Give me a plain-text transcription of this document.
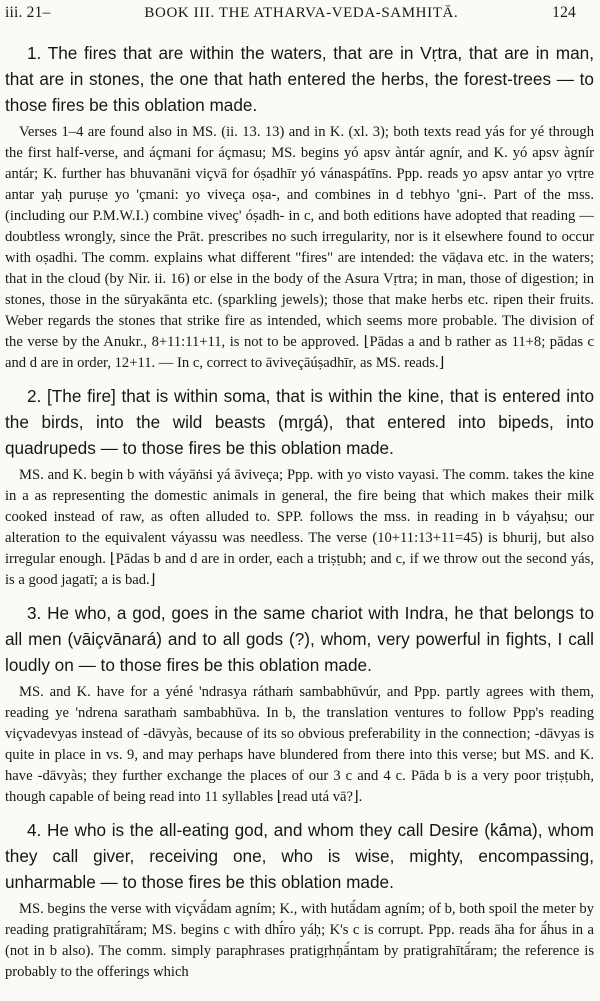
iii. 21–	BOOK III. THE ATHARVA-VEDA-SAMHITĀ.	124

1. The fires that are within the waters, that are in Vṛtra, that are in man, that are in stones, the one that hath entered the herbs, the forest-trees — to those fires be this oblation made.

Verses 1–4 are found also in MS. (ii. 13. 13) and in K. (xl. 3); both texts read yás for yé through the first half-verse, and áçmani for áçmasu; MS. begins yó apsv àntár agnír, and K. yó apsv àgnír antár; K. further has bhuvanāni viçvā for óṣadhīr yó vánaspátīns. Ppp. reads yo apsv antar yo vṛtre antar yaḥ puruṣe yo 'çmani: yo viveça oṣa-, and combines in d tebhyo 'gni-. Part of the mss. (including our P.M.W.I.) combine viveç' óṣadh- in c, and both editions have adopted that reading — doubtless wrongly, since the Prāt. prescribes no such irregularity, nor is it elsewhere found to occur with oṣadhi. The comm. explains what different "fires" are intended: the vāḍava etc. in the waters; that in the cloud (by Nir. ii. 16) or else in the body of the Asura Vṛtra; in man, those of digestion; in stones, those in the sūryakānta etc. (sparkling jewels); those that make herbs etc. ripen their fruits. Weber regards the stones that strike fire as intended, which seems more probable. The division of the verse by the Anukr., 8+11:11+11, is not to be approved. ⌊Pādas a and b rather as 11+8; pādas c and d are in order, 12+11. — In c, correct to āviveçāúṣadhīr, as MS. reads.⌋

2. [The fire] that is within soma, that is within the kine, that is entered into the birds, into the wild beasts (mṛgá), that entered into bipeds, into quadrupeds — to those fires be this oblation made.

MS. and K. begin b with váyāṅsi yá āviveça; Ppp. with yo visto vayasi. The comm. takes the kine in a as representing the domestic animals in general, the fire being that which makes their milk cooked instead of raw, as often alluded to. SPP. follows the mss. in reading in b váyaḥsu; our alteration to the equivalent váyassu was needless. The verse (10+11:13+11=45) is bhurij, but also irregular enough. ⌊Pādas b and d are in order, each a triṣṭubh; and c, if we throw out the second yás, is a good jagatī; a is bad.⌋

3. He who, a god, goes in the same chariot with Indra, he that belongs to all men (vāiçvānará) and to all gods (?), whom, very powerful in fights, I call loudly on — to those fires be this oblation made.

MS. and K. have for a yéné 'ndrasya ráthaṁ sambabhūvúr, and Ppp. partly agrees with them, reading ye 'ndrena sarathaṁ sambabhūva. In b, the translation ventures to follow Ppp's reading viçvadevyas instead of -dāvyàs, because of its so obvious preferability in the connection; -dāvyas is quite in place in vs. 9, and may perhaps have blundered from there into this verse; but MS. and K. have -dāvyàs; they further exchange the places of our 3 c and 4 c. Pāda b is a very poor triṣṭubh, though capable of being read into 11 syllables ⌊read utá vā?⌋.

4. He who is the all-eating god, and whom they call Desire (kā́ma), whom they call giver, receiving one, who is wise, mighty, encompassing, unharmable — to those fires be this oblation made.

MS. begins the verse with viçvā́dam agním; K., with hutā́dam agním; of b, both spoil the meter by reading pratigrahītā́ram; MS. begins c with dhī́ro yáḥ; K's c is corrupt. Ppp. reads āha for ā́hus in a (not in b also). The comm. simply paraphrases pratigṛhṇā́ntam by pratigrahītā́ram; the reference is probably to the offerings which
